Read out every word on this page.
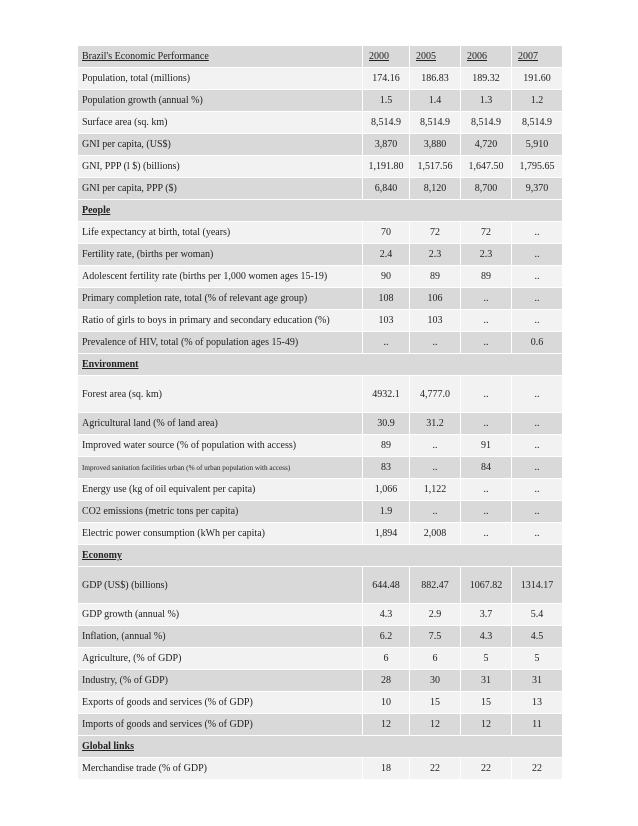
Brazil's Economic Performance	2000	2005	2006	2007
Population, total (millions)	174.16	186.83	189.32	191.60
Population growth (annual %)	1.5	1.4	1.3	1.2
Surface area (sq. km)	8,514.9	8,514.9	8,514.9	8,514.9
GNI per capita, (US$)	3,870	3,880	4,720	5,910
GNI, PPP (l $) (billions)	1,191.80	1,517.56	1,647.50	1,795.65
GNI per capita, PPP ($)	6,840	8,120	8,700	9,370
People				
Life expectancy at birth, total (years)	70	72	72	..
Fertility rate, (births per woman)	2.4	2.3	2.3	..
Adolescent fertility rate (births per 1,000 women ages 15-19)	90	89	89	..
Primary completion rate, total (% of relevant age group)	108	106	..	..
Ratio of girls to boys in primary and secondary education (%)	103	103	..	..
Prevalence of HIV, total (% of population ages 15-49)	..	..	..	0.6
Environment				
Forest area (sq. km)	4932.1	4,777.0	..	..
Agricultural land (% of land area)	30.9	31.2	..	..
Improved water source (% of population with access)	89	..	91	..
Improved sanitation facilities urban (% of urban population with access)	83	..	84	..
Energy use (kg of oil equivalent per capita)	1,066	1,122	..	..
CO2 emissions (metric tons per capita)	1.9	..	..	..
Electric power consumption (kWh per capita)	1,894	2,008	..	..
Economy				
GDP (US$) (billions)	644.48	882.47	1067.82	1314.17
GDP growth (annual %)	4.3	2.9	3.7	5.4
Inflation, (annual %)	6.2	7.5	4.3	4.5
Agriculture, (% of GDP)	6	6	5	5
Industry, (% of GDP)	28	30	31	31
Exports of goods and services (% of GDP)	10	15	15	13
Imports of goods and services (% of GDP)	12	12	12	11
Global links				
Merchandise trade (% of GDP)	18	22	22	22
